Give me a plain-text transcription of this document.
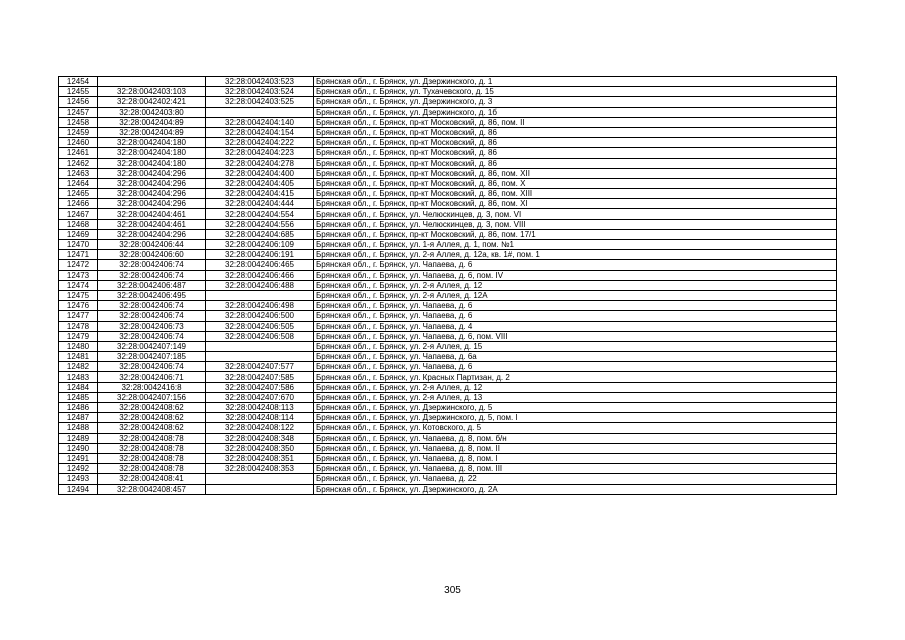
12454		32:28:0042403:523	Брянская обл., г. Брянск, ул. Дзержинского, д. 1
12455	32:28:0042403:103	32:28:0042403:524	Брянская обл., г. Брянск, ул. Тухачевского, д. 15
12456	32:28:0042402:421	32:28:0042403:525	Брянская обл., г. Брянск, ул. Дзержинского, д. 3
12457	32:28:0042403:80		Брянская обл., г. Брянск, ул. Дзержинского, д. 1б
12458	32:28:0042404:89	32:28:0042404:140	Брянская обл., г. Брянск, пр-кт Московский, д. 86, пом. II
12459	32:28:0042404:89	32:28:0042404:154	Брянская обл., г. Брянск, пр-кт Московский, д. 86
12460	32:28:0042404:180	32:28:0042404:222	Брянская обл., г. Брянск, пр-кт Московский, д. 86
12461	32:28:0042404:180	32:28:0042404:223	Брянская обл., г. Брянск, пр-кт Московский, д. 86
12462	32:28:0042404:180	32:28:0042404:278	Брянская обл., г. Брянск, пр-кт Московский, д. 86
12463	32:28:0042404:296	32:28:0042404:400	Брянская обл., г. Брянск, пр-кт Московский, д. 86, пом. XII
12464	32:28:0042404:296	32:28:0042404:405	Брянская обл., г. Брянск, пр-кт Московский, д. 86, пом. X
12465	32:28:0042404:296	32:28:0042404:415	Брянская обл., г. Брянск, пр-кт Московский, д. 86, пом. XIII
12466	32:28:0042404:296	32:28:0042404:444	Брянская обл., г. Брянск, пр-кт Московский, д. 86, пом. XI
12467	32:28:0042404:461	32:28:0042404:554	Брянская обл., г. Брянск, ул. Челюскинцев, д. 3, пом. VI
12468	32:28:0042404:461	32:28:0042404:556	Брянская обл., г. Брянск, ул. Челюскинцев, д. 3, пом. VIII
12469	32:28:0042404:296	32:28:0042404:685	Брянская обл., г. Брянск, пр-кт Московский, д. 86, пом. 17/1
12470	32:28:0042406:44	32:28:0042406:109	Брянская обл., г. Брянск, ул. 1-я Аллея, д. 1, пом. №1
12471	32:28:0042406:60	32:28:0042406:191	Брянская обл., г. Брянск, ул. 2-я Аллея, д. 12а, кв. 1#, пом. 1
12472	32:28:0042406:74	32:28:0042406:465	Брянская обл., г. Брянск, ул. Чапаева, д. 6
12473	32:28:0042406:74	32:28:0042406:466	Брянская обл., г. Брянск, ул. Чапаева, д. 6, пом. IV
12474	32:28:0042406:487	32:28:0042406:488	Брянская обл., г. Брянск, ул. 2-я Аллея, д. 12
12475	32:28:0042406:495		Брянская обл., г. Брянск, ул. 2-я Аллея, д. 12А
12476	32:28:0042406:74	32:28:0042406:498	Брянская обл., г. Брянск, ул. Чапаева, д. 6
12477	32:28:0042406:74	32:28:0042406:500	Брянская обл., г. Брянск, ул. Чапаева, д. 6
12478	32:28:0042406:73	32:28:0042406:505	Брянская обл., г. Брянск, ул. Чапаева, д. 4
12479	32:28:0042406:74	32:28:0042406:508	Брянская обл., г. Брянск, ул. Чапаева, д. 6, пом. VIII
12480	32:28:0042407:149		Брянская обл., г. Брянск, ул. 2-я Аллея, д. 15
12481	32:28:0042407:185		Брянская обл., г. Брянск, ул. Чапаева, д. 6а
12482	32:28:0042406:74	32:28:0042407:577	Брянская обл., г. Брянск, ул. Чапаева, д. 6
12483	32:28:0042406:71	32:28:0042407:585	Брянская обл., г. Брянск, ул. Красных Партизан, д. 2
12484	32:28:0042416:8	32:28:0042407:586	Брянская обл., г. Брянск, ул. 2-я Аллея, д. 12
12485	32:28:0042407:156	32:28:0042407:670	Брянская обл., г. Брянск, ул. 2-я Аллея, д. 13
12486	32:28:0042408:62	32:28:0042408:113	Брянская обл., г. Брянск, ул. Дзержинского, д. 5
12487	32:28:0042408:62	32:28:0042408:114	Брянская обл., г. Брянск, ул. Дзержинского, д. 5, пом. I
12488	32:28:0042408:62	32:28:0042408:122	Брянская обл., г. Брянск, ул. Котовского, д. 5
12489	32:28:0042408:78	32:28:0042408:348	Брянская обл., г. Брянск, ул. Чапаева, д. 8, пом. б/н
12490	32:28:0042408:78	32:28:0042408:350	Брянская обл., г. Брянск, ул. Чапаева, д. 8, пом. II
12491	32:28:0042408:78	32:28:0042408:351	Брянская обл., г. Брянск, ул. Чапаева, д. 8, пом. I
12492	32:28:0042408:78	32:28:0042408:353	Брянская обл., г. Брянск, ул. Чапаева, д. 8, пом. III
12493	32:28:0042408:41		Брянская обл., г. Брянск, ул. Чапаева, д. 22
12494	32:28:0042408:457		Брянская обл., г. Брянск, ул. Дзержинского, д. 2А
305
